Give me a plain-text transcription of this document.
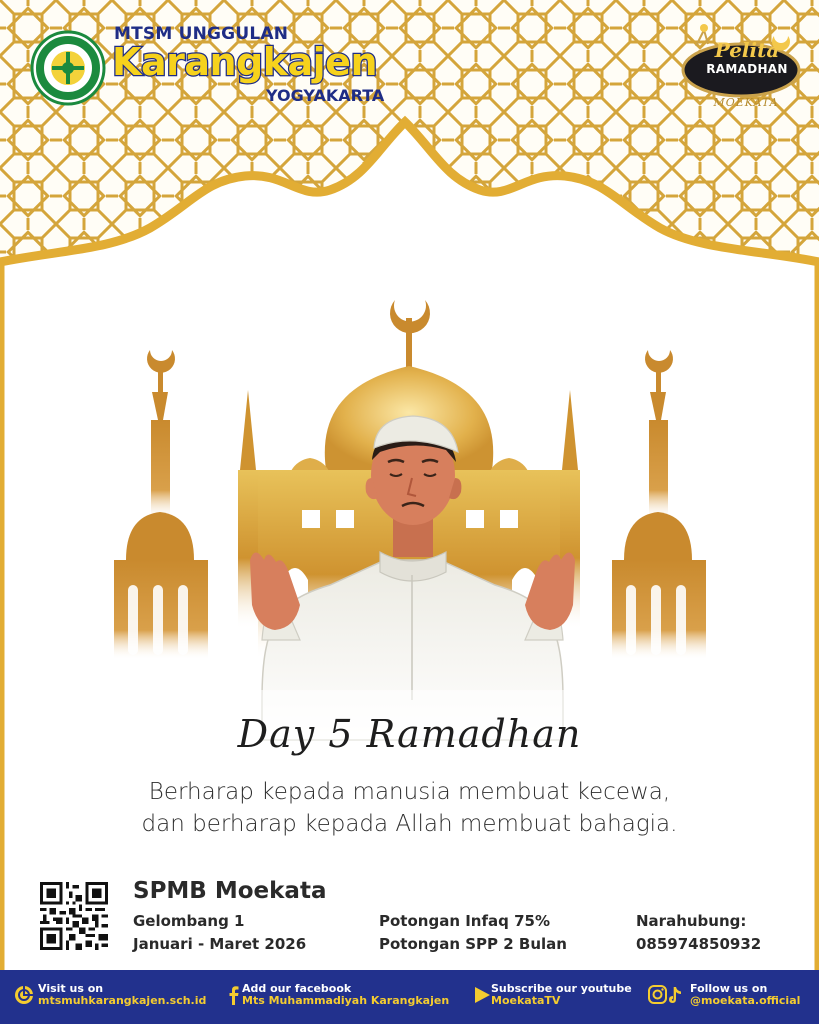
MTSM UNGGULAN
Karangkajen
YOGYAKARTA
Pelita
RAMADHAN
MOEKATA
Day 5 Ramadhan
Berharap kepada manusia membuat kecewa,
dan berharap kepada Allah membuat bahagia.
SPMB Moekata
Gelombang 1
Januari - Maret 2026
Potongan Infaq 75%
Potongan SPP 2 Bulan
Narahubung:
085974850932
Visit us on
mtsmuhkarangkajen.sch.id
Add our facebook
Mts Muhammadiyah Karangkajen
Subscribe our youtube
MoekataTV
Follow us on
@moekata.official
